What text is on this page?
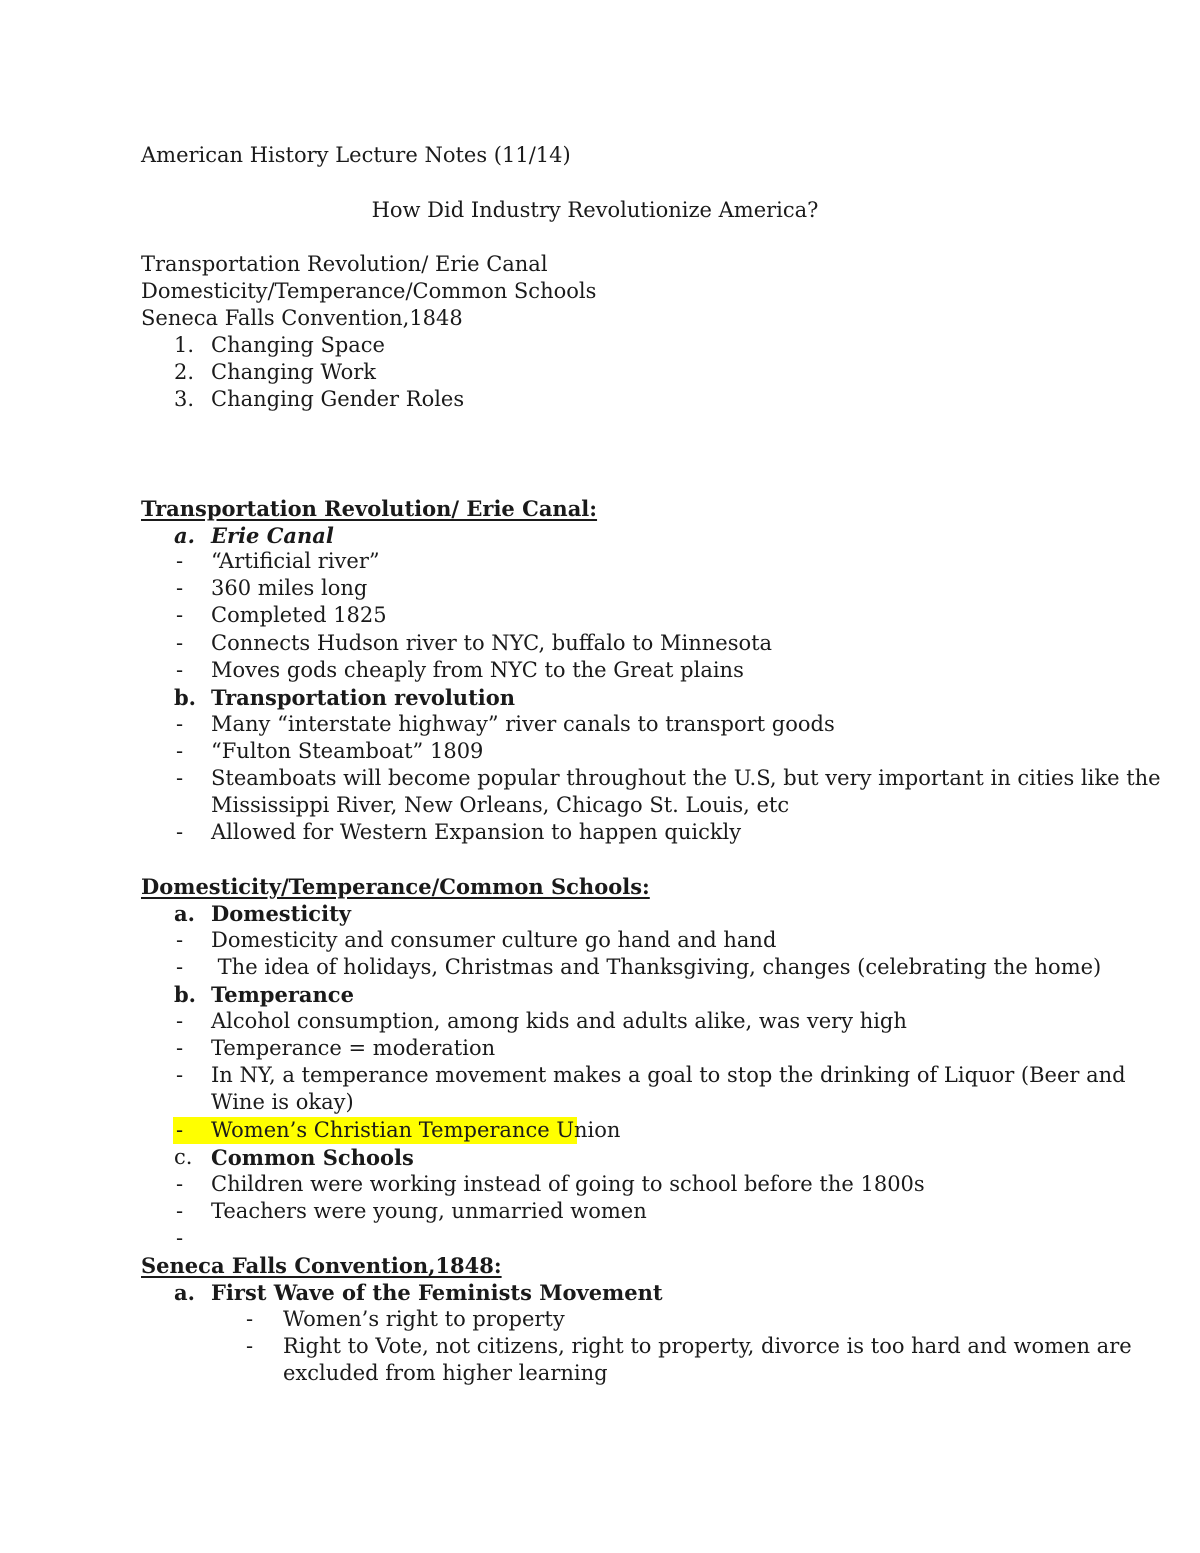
American History Lecture Notes (11/14)
How Did Industry Revolutionize America?
Transportation Revolution/ Erie Canal
Domesticity/Temperance/Common Schools
Seneca Falls Convention,1848
1. Changing Space
2. Changing Work
3. Changing Gender Roles
Transportation Revolution/ Erie Canal:
a. Erie Canal
- “Artificial river”
- 360 miles long
- Completed 1825
- Connects Hudson river to NYC, buffalo to Minnesota
- Moves gods cheaply from NYC to the Great plains
b. Transportation revolution
- Many “interstate highway” river canals to transport goods
- “Fulton Steamboat” 1809
- Steamboats will become popular throughout the U.S, but very important in cities like the
Mississippi River, New Orleans, Chicago St. Louis, etc
- Allowed for Western Expansion to happen quickly
Domesticity/Temperance/Common Schools:
a. Domesticity
- Domesticity and consumer culture go hand and hand
- The idea of holidays, Christmas and Thanksgiving, changes (celebrating the home)
b. Temperance
- Alcohol consumption, among kids and adults alike, was very high
- Temperance = moderation
- In NY, a temperance movement makes a goal to stop the drinking of Liquor (Beer and
Wine is okay)
- Women’s Christian Temperance Union
c. Common Schools
- Children were working instead of going to school before the 1800s
- Teachers were young, unmarried women
-
Seneca Falls Convention,1848:
a. First Wave of the Feminists Movement
- Women’s right to property
- Right to Vote, not citizens, right to property, divorce is too hard and women are
excluded from higher learning
